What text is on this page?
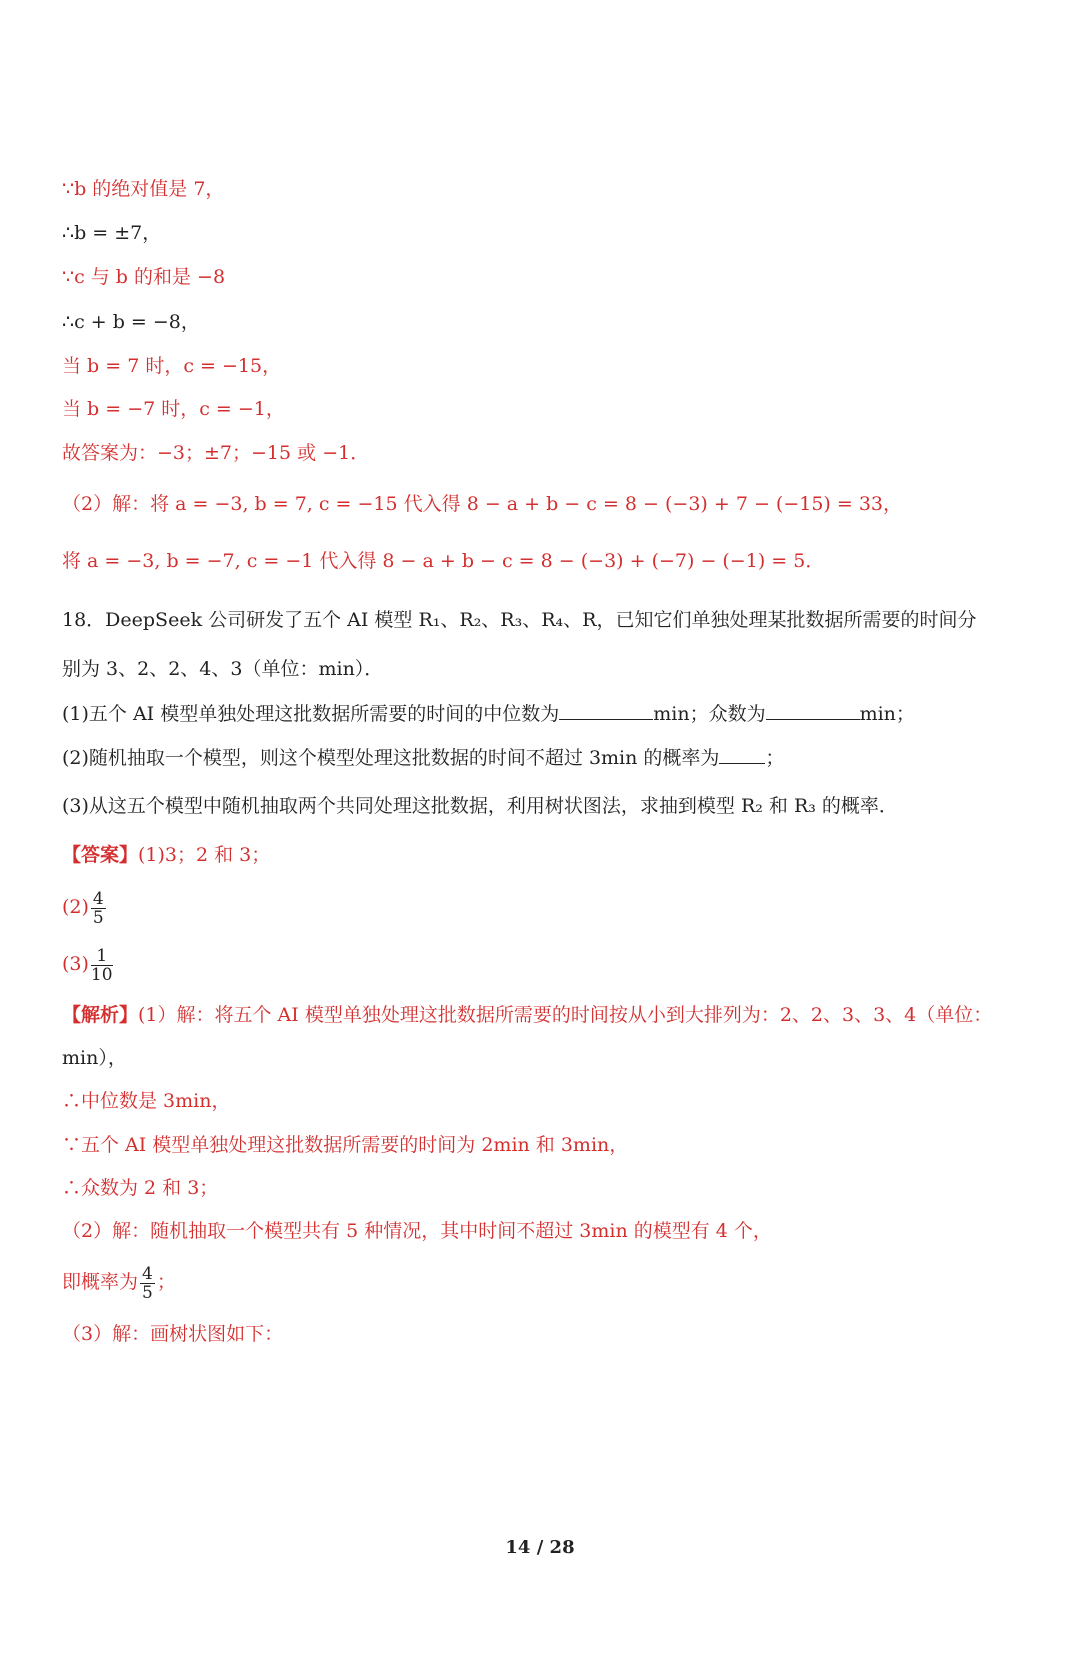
∵b 的绝对值是 7，
∴b = ±7，
∵c 与 b 的和是 −8
∴c + b = −8，
当 b = 7 时，c = −15，
当 b = −7 时，c = −1，
故答案为：−3；±7；−15 或 −1．
（2）解：将 a = −3, b = 7, c = −15 代入得 8 − a + b − c = 8 − (−3) + 7 − (−15) = 33，
将 a = −3, b = −7, c = −1 代入得 8 − a + b − c = 8 − (−3) + (−7) − (−1) = 5．
18．DeepSeek 公司研发了五个 AI 模型 R₁、R₂、R₃、R₄、R，已知它们单独处理某批数据所需要的时间分
别为 3、2、2、4、3（单位：min）．
(1)五个 AI 模型单独处理这批数据所需要的时间的中位数为	min；众数为	min；
(2)随机抽取一个模型，则这个模型处理这批数据的时间不超过 3min 的概率为 ；
(3)从这五个模型中随机抽取两个共同处理这批数据，利用树状图法，求抽到模型 R₂ 和 R₃ 的概率．
【答案】(1)3；2 和 3；
$(2) \frac{4}{5}$
$(3) \frac{1}{10}$
【解析】(1）解：将五个 AI 模型单独处理这批数据所需要的时间按从小到大排列为：2、2、3、3、4（单位：
min），
∴中位数是 3min，
∵五个 AI 模型单独处理这批数据所需要的时间为 2min 和 3min，
∴众数为 2 和 3；
（2）解：随机抽取一个模型共有 5 种情况，其中时间不超过 3min 的模型有 4 个，
即概率为 $\frac{4}{5}$ ；
（3）解：画树状图如下：
14 / 28
